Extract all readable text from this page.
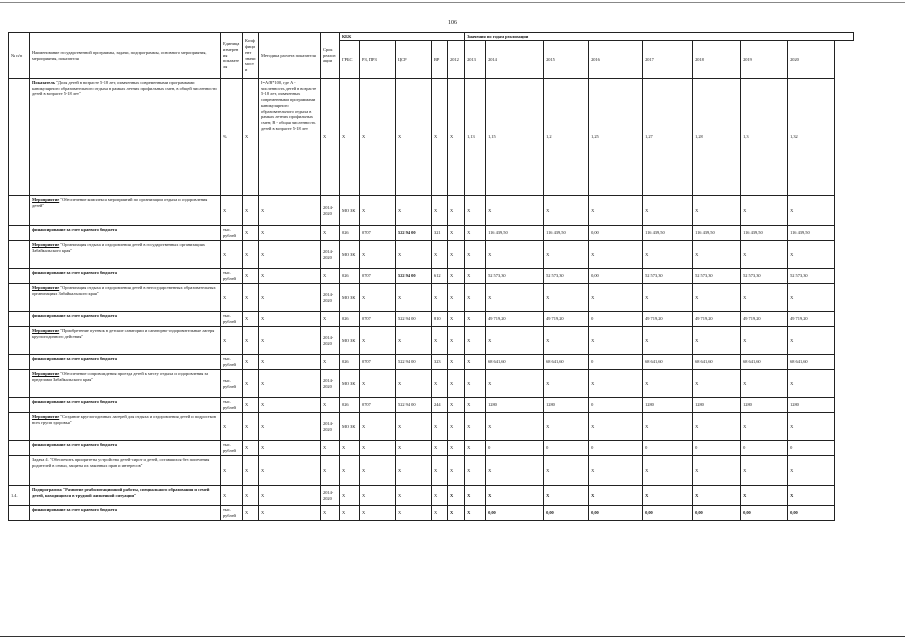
106
№ п/п	Наименование государственной программы, задачи, подпрограммы, основного мероприятия, мероприятия, показателя	Единица измерения показателя	Коэффициент значимости	Методика расчета показателя	Срок реализации	КБК					Значения по годам реализации							
						ГРБС	РЗ, ПРЗ	ЦСР	ВР	2012	2013	2014	2015	2016	2017	2018	2019	2020
	Показатель "Доля детей в возрасте 5-18 лет, охваченных современными программами каникулярного образовательного отдыха в рамках летних профильных смен, в общей численности детей в возрасте 5-18 лет"	%	X	I=A/B*100, где A - численность детей в возрасте 5-18 лет, охваченных современными программами каникулярного образовательного отдыха в рамках летних профильных смен; B - общая численность детей в возрасте 5-18 лет	X	X	X	X	X	X	1,13	1,15	1,2	1,25	1,27	1,28	1,3	1,32
	Мероприятие "Обеспечение комплекса мероприятий по организации отдыха и оздоровления детей"	X	X	X	2014-2020	МО ЗК	X	X	X	X	X	X	X	X	X	X	X	X
	финансирование за счет краевого бюджета	тыс. рублей	X	X	X	026	0707	522 94 00	321	X	X	116 439,50	116 439,50	0,00	116 439,50	116 439,50	116 439,50	116 439,50
	Мероприятие "Организация отдыха и оздоровления детей в государственных организациях Забайкальского края"	X	X	X	2014-2020	МО ЗК	X	X	X	X	X	X	X	X	X	X	X	X
	финансирование за счет краевого бюджета	тыс. рублей	X	X	X	026	0707	522 94 00	612	X	X	52 573,30	52 573,30	0,00	52 573,30	52 573,30	52 573,30	52 573,30
	Мероприятие "Организация отдыха и оздоровления детей в негосударственных образовательных организациях Забайкальского края"	X	X	X	2014-2020	МО ЗК	X	X	X	X	X	X	X	X	X	X	X	X
	финансирование за счет краевого бюджета	тыс. рублей	X	X	X	026	0707	522 94 00	810	X	X	49 719,20	49 719,20	0	49 719,20	49 719,20	49 719,20	49 719,20
	Мероприятие "Приобретение путевок в детские санатории и санаторно-оздоровительные лагеря круглогодичного действия"	X	X	X	2014-2020	МО ЗК	X	X	X	X	X	X	X	X	X	X	X	X
	финансирование за счет краевого бюджета	тыс. рублей	X	X	X	026	0707	522 94 00	323	X	X	68 641,60	68 641,60	0	68 641,60	68 641,60	68 641,60	68 641,60
	Мероприятие "Обеспечение сопровождения проезда детей к месту отдыха и оздоровления за пределами Забайкальского края"	тыс. рублей	X	X	2014-2020	МО ЗК	X	X	X	X	X	X	X	X	X	X	X	X
	финансирование за счет краевого бюджета	тыс. рублей	X	X	X	026	0707	522 94 00	244	X	X	1280	1280	0	1280	1280	1280	1280
	Мероприятие "Создание круглогодичных лагерей для отдыха и оздоровления детей и подростков всех групп здоровья"	X	X	X	2014-2020	МО ЗК	X	X	X	X	X	X	X	X	X	X	X	X
	финансирование за счет краевого бюджета	тыс. рублей	X	X	X	X	X	X	X	X	X	0	0	0	0	0	0	0
	Задача 4. "Обеспечить приоритеты устройства детей-сирот и детей, оставшихся без попечения родителей в семьи, защиты их законных прав и интересов"	X	X	X	X	X	X	X	X	X	X	X	X	X	X	X	X	X
1.4.	Подпрограмма "Развитие реабилитационной работы, специального образования и семей детей, находящихся в трудной жизненной ситуации"	X	X	X	2014-2020	X	X	X	X	X	X	X	X	X	X	X	X	X
	финансирование за счет краевого бюджета	тыс. рублей	X	X	X	X	X	X	X	X	X	0,00	0,00	0,00	0,00	0,00	0,00	0,00
